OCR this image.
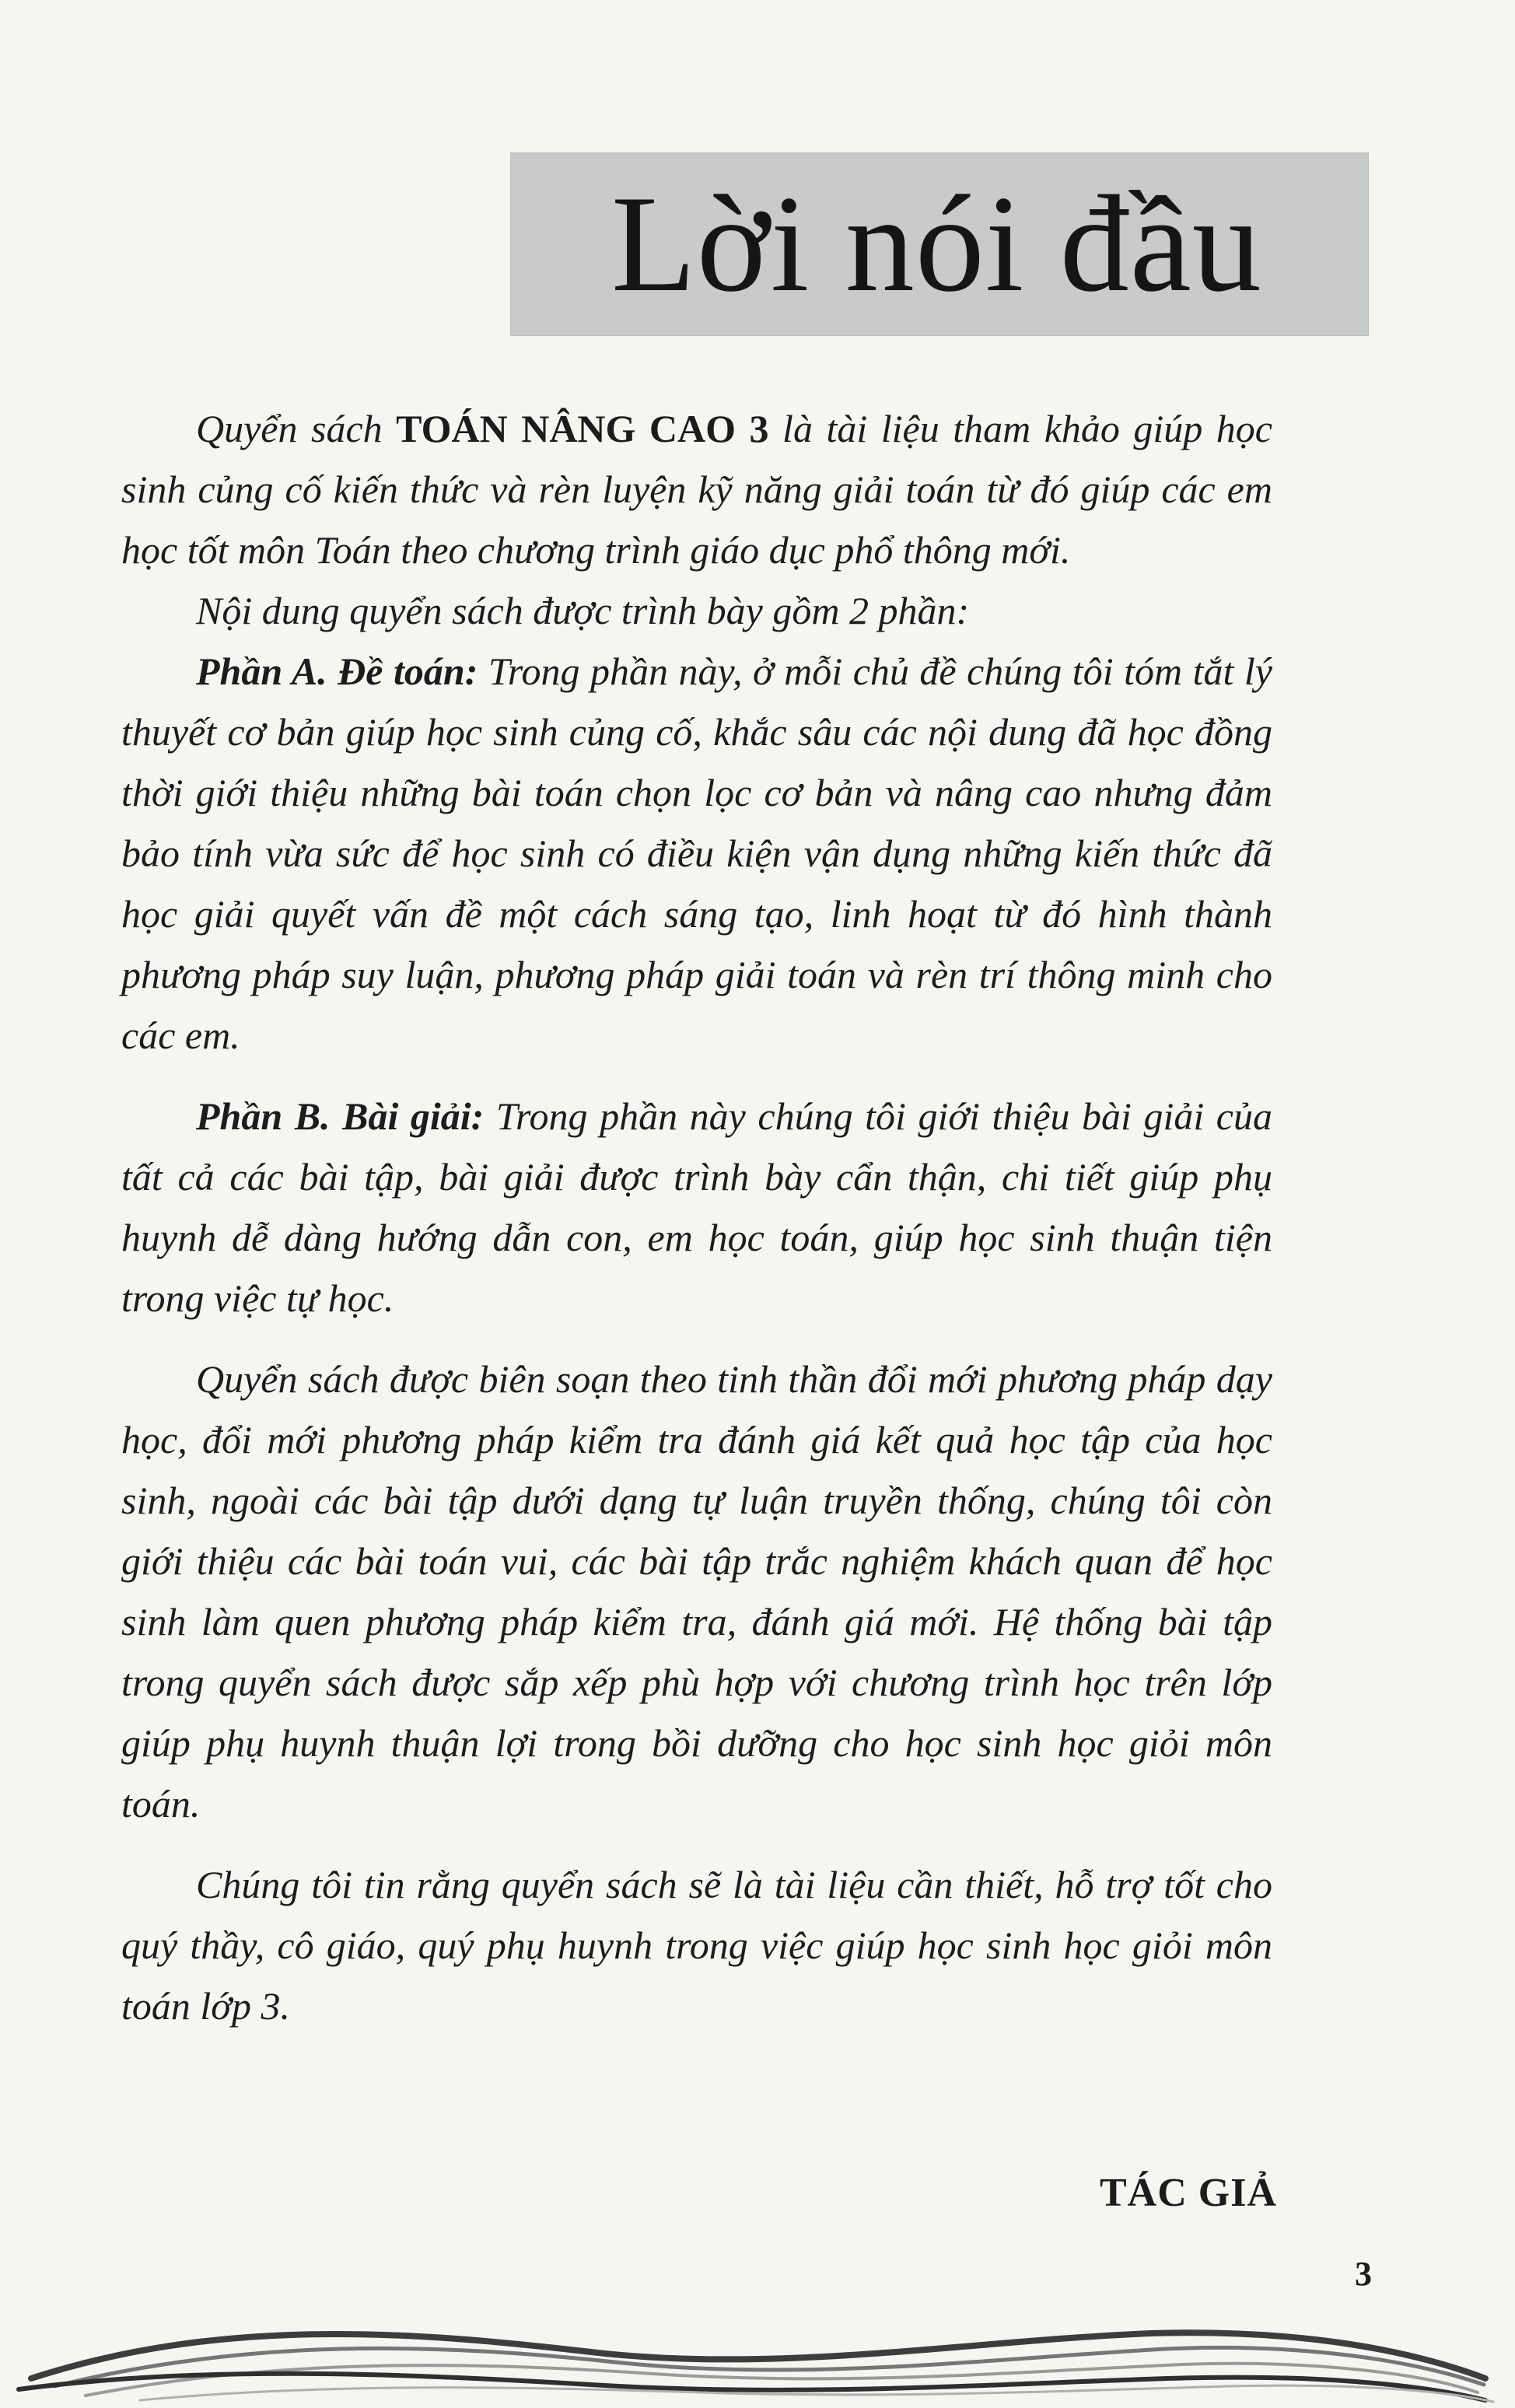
Lời nói đầu

Quyển sách TOÁN NÂNG CAO 3 là tài liệu tham khảo giúp học sinh củng cố kiến thức và rèn luyện kỹ năng giải toán từ đó giúp các em học tốt môn Toán theo chương trình giáo dục phổ thông mới.

Nội dung quyển sách được trình bày gồm 2 phần:

Phần A. Đề toán: Trong phần này, ở mỗi chủ đề chúng tôi tóm tắt lý thuyết cơ bản giúp học sinh củng cố, khắc sâu các nội dung đã học đồng thời giới thiệu những bài toán chọn lọc cơ bản và nâng cao nhưng đảm bảo tính vừa sức để học sinh có điều kiện vận dụng những kiến thức đã học giải quyết vấn đề một cách sáng tạo, linh hoạt từ đó hình thành phương pháp suy luận, phương pháp giải toán và rèn trí thông minh cho các em.

Phần B. Bài giải: Trong phần này chúng tôi giới thiệu bài giải của tất cả các bài tập, bài giải được trình bày cẩn thận, chi tiết giúp phụ huynh dễ dàng hướng dẫn con, em học toán, giúp học sinh thuận tiện trong việc tự học.

Quyển sách được biên soạn theo tinh thần đổi mới phương pháp dạy học, đổi mới phương pháp kiểm tra đánh giá kết quả học tập của học sinh, ngoài các bài tập dưới dạng tự luận truyền thống, chúng tôi còn giới thiệu các bài toán vui, các bài tập trắc nghiệm khách quan để học sinh làm quen phương pháp kiểm tra, đánh giá mới. Hệ thống bài tập trong quyển sách được sắp xếp phù hợp với chương trình học trên lớp giúp phụ huynh thuận lợi trong bồi dưỡng cho học sinh học giỏi môn toán.

Chúng tôi tin rằng quyển sách sẽ là tài liệu cần thiết, hỗ trợ tốt cho quý thầy, cô giáo, quý phụ huynh trong việc giúp học sinh học giỏi môn toán lớp 3.

TÁC GIẢ
3
